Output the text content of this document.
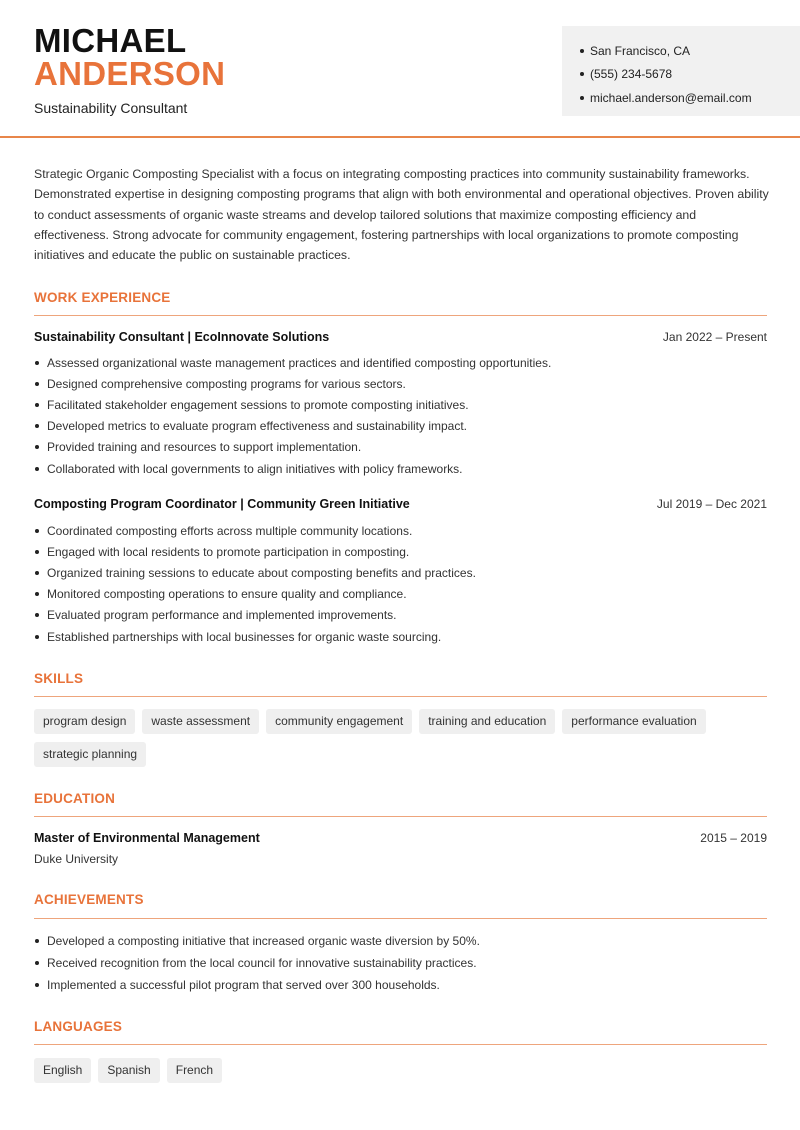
MICHAEL
ANDERSON
Sustainability Consultant
San Francisco, CA
(555) 234-5678
michael.anderson@email.com

Strategic Organic Composting Specialist with a focus on integrating composting practices into community sustainability frameworks. Demonstrated expertise in designing composting programs that align with both environmental and operational objectives. Proven ability to conduct assessments of organic waste streams and develop tailored solutions that maximize composting efficiency and effectiveness. Strong advocate for community engagement, fostering partnerships with local organizations to promote composting initiatives and educate the public on sustainable practices.

WORK EXPERIENCE
Sustainability Consultant | EcoInnovate Solutions	Jan 2022 – Present
Assessed organizational waste management practices and identified composting opportunities.
Designed comprehensive composting programs for various sectors.
Facilitated stakeholder engagement sessions to promote composting initiatives.
Developed metrics to evaluate program effectiveness and sustainability impact.
Provided training and resources to support implementation.
Collaborated with local governments to align initiatives with policy frameworks.
Composting Program Coordinator | Community Green Initiative	Jul 2019 – Dec 2021
Coordinated composting efforts across multiple community locations.
Engaged with local residents to promote participation in composting.
Organized training sessions to educate about composting benefits and practices.
Monitored composting operations to ensure quality and compliance.
Evaluated program performance and implemented improvements.
Established partnerships with local businesses for organic waste sourcing.
SKILLS
program design	waste assessment	community engagement	training and education	performance evaluation
strategic planning
EDUCATION
Master of Environmental Management	2015 – 2019
Duke University
ACHIEVEMENTS
Developed a composting initiative that increased organic waste diversion by 50%.
Received recognition from the local council for innovative sustainability practices.
Implemented a successful pilot program that served over 300 households.
LANGUAGES
English	Spanish	French
